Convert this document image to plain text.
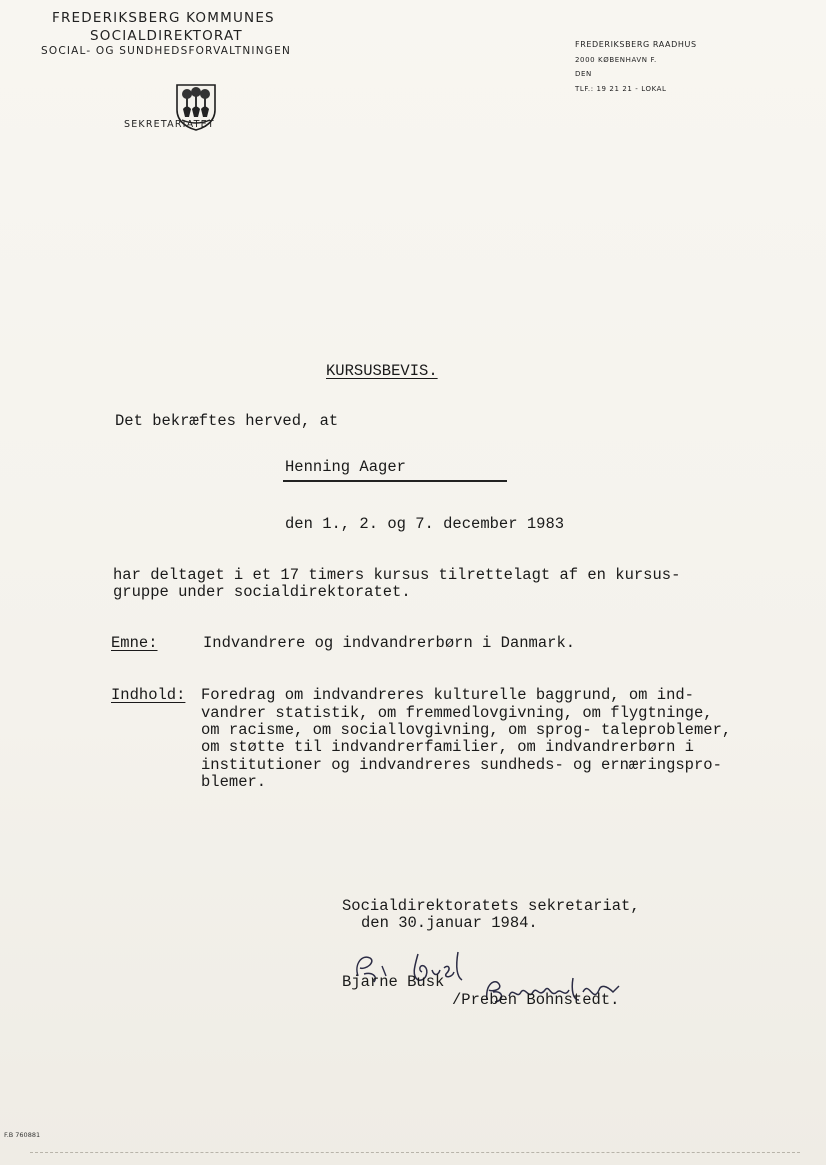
FREDERIKSBERG KOMMUNES
SOCIALDIREKTORAT
SOCIAL- OG SUNDHEDSFORVALTNINGEN

SEKRETARIATET
FREDERIKSBERG RAADHUS
2000 KØBENHAVN F.
DEN
TLF.: 19 21 21 - LOKAL
KURSUSBEVIS.
Det bekræftes herved, at
Henning Aager
den 1., 2. og 7. december 1983
har deltaget i et 17 timers kursus tilrettelagt af en kursus-
gruppe under socialdirektoratet.
Emne:	Indvandrere og indvandrerbørn i Danmark.
Indhold: Foredrag om indvandreres kulturelle baggrund, om ind-
vandrer statistik, om fremmedlovgivning, om flygtninge,
om racisme, om sociallovgivning, om sprog- taleproblemer,
om støtte til indvandrerfamilier, om indvandrerbørn i
institutioner og indvandreres sundheds- og ernæringspro-
blemer.
Socialdirektoratets sekretariat,
den 30.januar 1984.

Bjarne Busk
/Preben Bohnstedt.
F.B 760881
